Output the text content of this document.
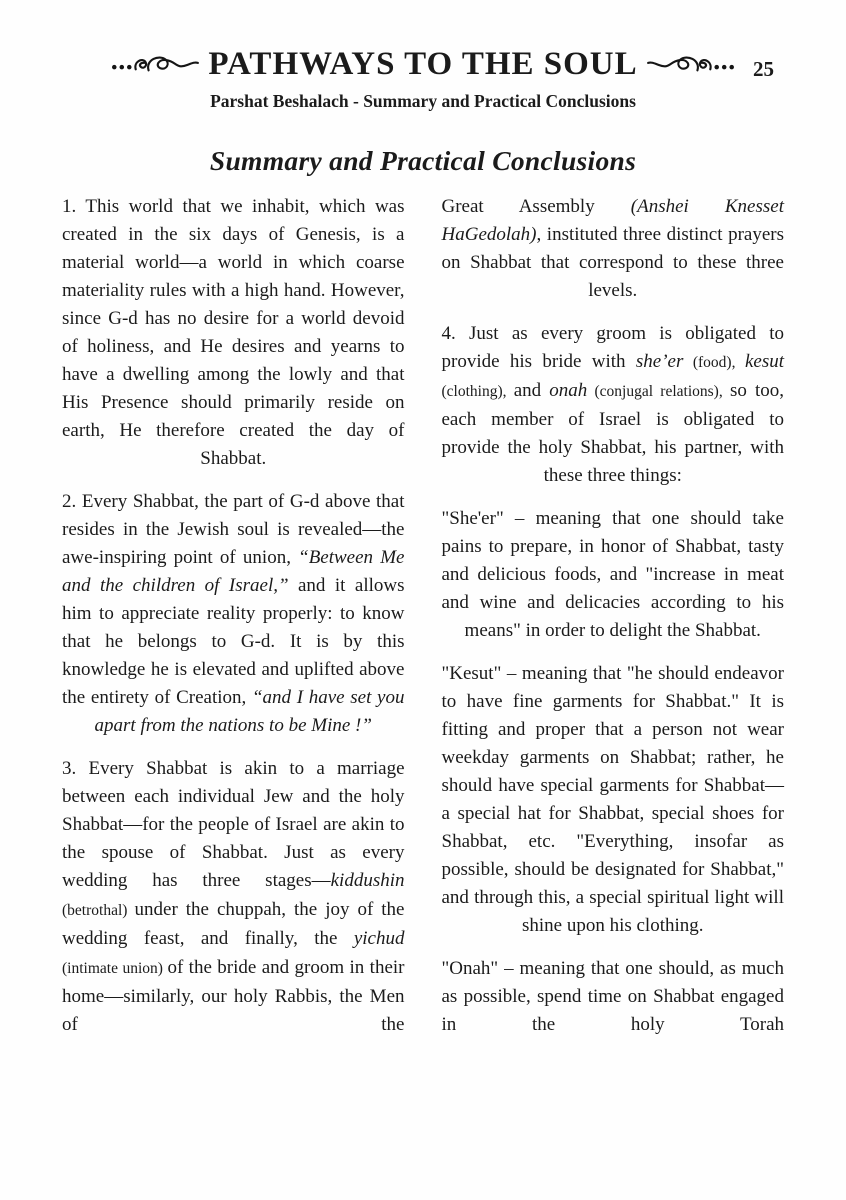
PATHWAYS TO THE SOUL	25
Parshat Beshalach - Summary and Practical Conclusions
Summary and Practical Conclusions

1. This world that we inhabit, which was created in the six days of Genesis, is a material world—a world in which coarse materiality rules with a high hand. However, since G-d has no desire for a world devoid of holiness, and He desires and yearns to have a dwelling among the lowly and that His Presence should primarily reside on earth, He therefore created the day of Shabbat.

2. Every Shabbat, the part of G-d above that resides in the Jewish soul is revealed—the awe-inspiring point of union, “Between Me and the children of Israel,” and it allows him to appreciate reality properly: to know that he belongs to G-d. It is by this knowledge he is elevated and uplifted above the entirety of Creation, “and I have set you apart from the nations to be Mine !”

3. Every Shabbat is akin to a marriage between each individual Jew and the holy Shabbat—for the people of Israel are akin to the spouse of Shabbat. Just as every wedding has three stages—kiddushin (betrothal) under the chuppah, the joy of the wedding feast, and finally, the yichud (intimate union) of the bride and groom in their home—similarly, our holy Rabbis, the Men of the

Great Assembly (Anshei Knesset HaGedolah), instituted three distinct prayers on Shabbat that correspond to these three levels.

4. Just as every groom is obligated to provide his bride with she’er (food), kesut (clothing), and onah (conjugal relations), so too, each member of Israel is obligated to provide the holy Shabbat, his partner, with these three things:

"She'er" – meaning that one should take pains to prepare, in honor of Shabbat, tasty and delicious foods, and "increase in meat and wine and delicacies according to his means" in order to delight the Shabbat.

"Kesut" – meaning that "he should endeavor to have fine garments for Shabbat." It is fitting and proper that a person not wear weekday garments on Shabbat; rather, he should have special garments for Shabbat—a special hat for Shabbat, special shoes for Shabbat, etc. "Everything, insofar as possible, should be designated for Shabbat," and through this, a special spiritual light will shine upon his clothing.

"Onah" – meaning that one should, as much as possible, spend time on Shabbat engaged in the holy Torah
